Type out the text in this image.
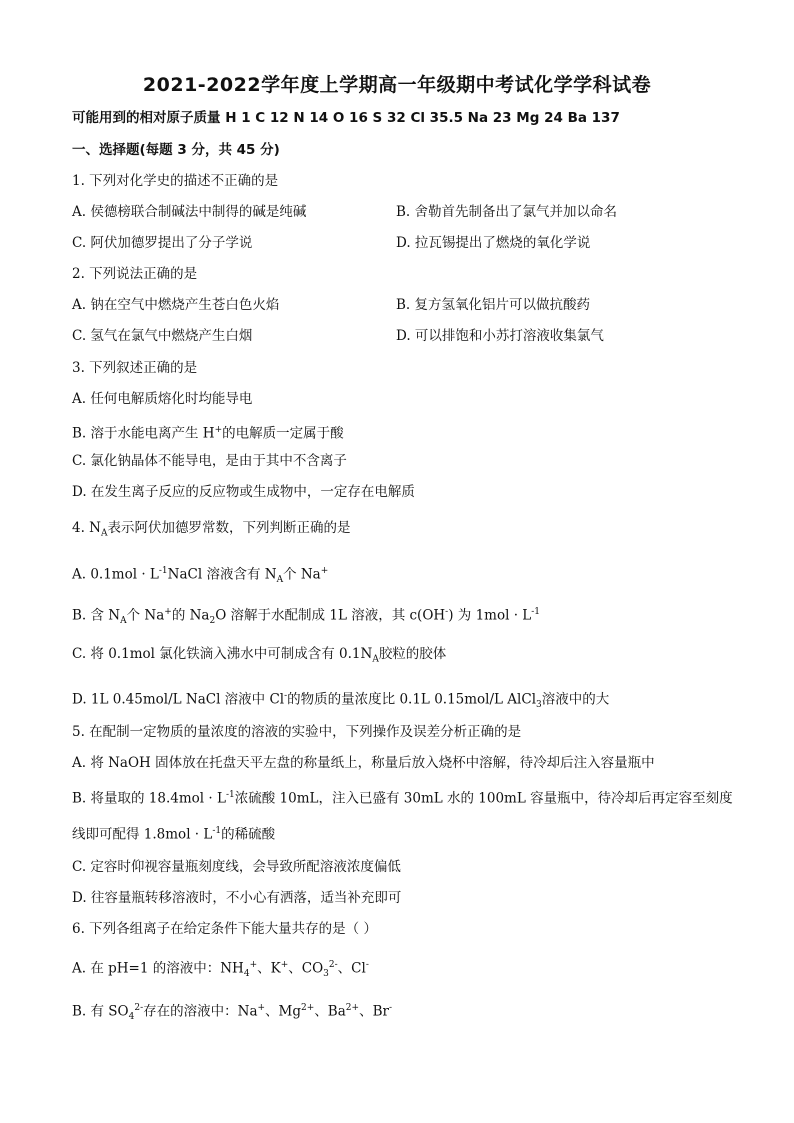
2021-2022学年度上学期高一年级期中考试化学学科试卷
可能用到的相对原子质量 H 1 C 12 N 14 O 16 S 32 Cl 35.5 Na 23 Mg 24 Ba 137
一、选择题(每题 3 分，共 45 分)
1. 下列对化学史的描述不正确的是
A. 侯德榜联合制碱法中制得的碱是纯碱	B. 舍勒首先制备出了氯气并加以命名
C. 阿伏加德罗提出了分子学说	D. 拉瓦锡提出了燃烧的氧化学说
2. 下列说法正确的是
A. 钠在空气中燃烧产生苍白色火焰	B. 复方氢氧化铝片可以做抗酸药
C. 氢气在氯气中燃烧产生白烟	D. 可以排饱和小苏打溶液收集氯气
3. 下列叙述正确的是
A. 任何电解质熔化时均能导电
B. 溶于水能电离产生 H+的电解质一定属于酸
C. 氯化钠晶体不能导电，是由于其中不含离子
D. 在发生离子反应的反应物或生成物中，一定存在电解质
4. $N_A$表示阿伏加德罗常数，下列判断正确的是
A. $0.1mol \cdot L^{-1}NaCl$ 溶液含有 $N_A$个 Na+
B. 含 $N_A$个 Na+的 $Na_2O$ 溶解于水配制成 1L 溶液，其 c(OH-) 为 $1mol \cdot L^{-1}$
C. 将 0.1mol 氯化铁滴入沸水中可制成含有 $0.1N_A$胶粒的胶体
D. 1L 0.45mol/L NaCl 溶液中 Cl-的物质的量浓度比 0.1L 0.15mol/L AlCl$_3$溶液中的大
5. 在配制一定物质的量浓度的溶液的实验中，下列操作及误差分析正确的是
A. 将 NaOH 固体放在托盘天平左盘的称量纸上，称量后放入烧杯中溶解，待冷却后注入容量瓶中
B. 将量取的 $18.4mol \cdot L^{-1}$浓硫酸 10mL，注入已盛有 30mL 水的 100mL 容量瓶中，待冷却后再定容至刻度
线即可配得 $1.8mol \cdot L^{-1}$的稀硫酸
C. 定容时仰视容量瓶刻度线，会导致所配溶液浓度偏低
D. 往容量瓶转移溶液时，不小心有洒落，适当补充即可
6. 下列各组离子在给定条件下能大量共存的是（ ）
A. 在 pH=1 的溶液中：$NH_4^+$、K+、$CO_3^{2-}$、Cl-
B. 有 $SO_4^{2-}$存在的溶液中：Na+、$Mg^{2+}$、$Ba^{2+}$、Br-
